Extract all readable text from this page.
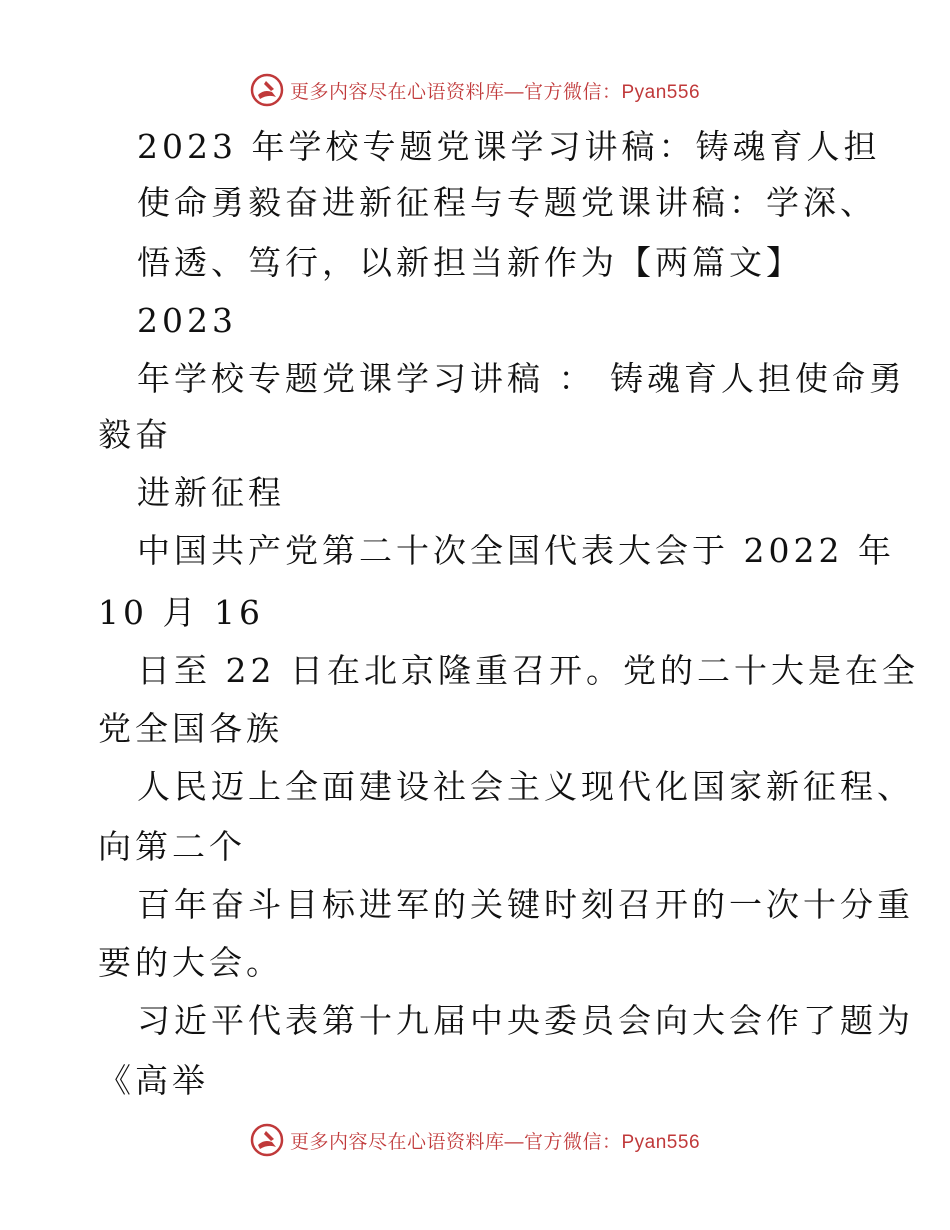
更多内容尽在心语资料库—官方微信：Pyan556
2023 年学校专题党课学习讲稿：铸魂育人担
使命勇毅奋进新征程与专题党课讲稿：学深、
悟透、笃行，以新担当新作为【两篇文】
2023
年学校专题党课学习讲稿 ： 铸魂育人担使命勇
毅奋
进新征程
中国共产党第二十次全国代表大会于 2022 年
10 月 16
日至 22 日在北京隆重召开。党的二十大是在全
党全国各族
人民迈上全面建设社会主义现代化国家新征程、
向第二个
百年奋斗目标进军的关键时刻召开的一次十分重
要的大会。
习近平代表第十九届中央委员会向大会作了题为
《高举
更多内容尽在心语资料库—官方微信：Pyan556
